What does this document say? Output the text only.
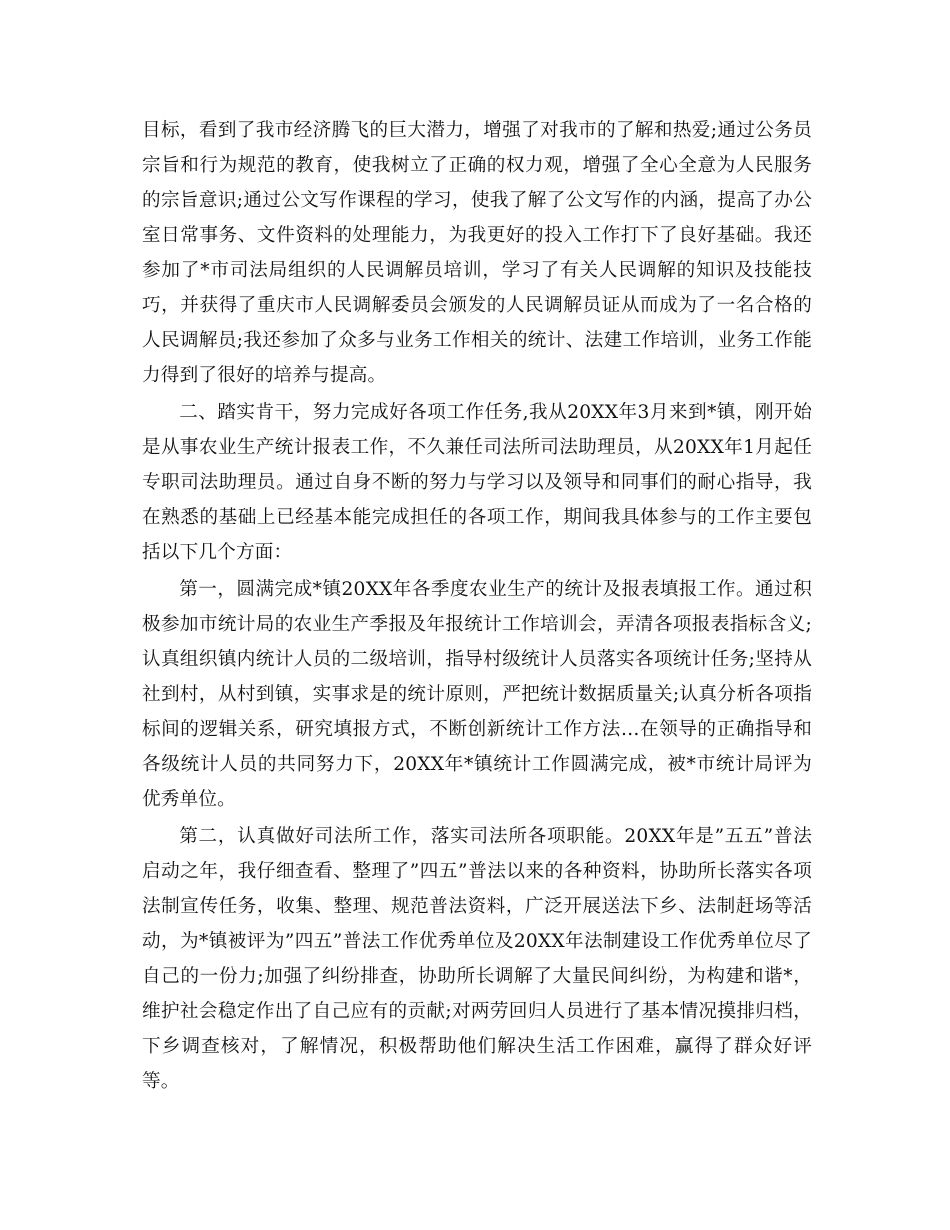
目标，看到了我市经济腾飞的巨大潜力，增强了对我市的了解和热爱;通过公务员宗旨和行为规范的教育，使我树立了正确的权力观，增强了全心全意为人民服务的宗旨意识;通过公文写作课程的学习，使我了解了公文写作的内涵，提高了办公室日常事务、文件资料的处理能力，为我更好的投入工作打下了良好基础。我还参加了*市司法局组织的人民调解员培训，学习了有关人民调解的知识及技能技巧，并获得了重庆市人民调解委员会颁发的人民调解员证从而成为了一名合格的人民调解员;我还参加了众多与业务工作相关的统计、法建工作培训，业务工作能力得到了很好的培养与提高。

二、踏实肯干，努力完成好各项工作任务,我从20XX年3月来到*镇，刚开始是从事农业生产统计报表工作，不久兼任司法所司法助理员，从20XX年1月起任专职司法助理员。通过自身不断的努力与学习以及领导和同事们的耐心指导，我在熟悉的基础上已经基本能完成担任的各项工作，期间我具体参与的工作主要包括以下几个方面：

第一，圆满完成*镇20XX年各季度农业生产的统计及报表填报工作。通过积极参加市统计局的农业生产季报及年报统计工作培训会，弄清各项报表指标含义;认真组织镇内统计人员的二级培训，指导村级统计人员落实各项统计任务;坚持从社到村，从村到镇，实事求是的统计原则，严把统计数据质量关;认真分析各项指标间的逻辑关系，研究填报方式，不断创新统计工作方法…在领导的正确指导和各级统计人员的共同努力下，20XX年*镇统计工作圆满完成，被*市统计局评为优秀单位。

第二，认真做好司法所工作，落实司法所各项职能。20XX年是”五五”普法启动之年，我仔细查看、整理了”四五”普法以来的各种资料，协助所长落实各项法制宣传任务，收集、整理、规范普法资料，广泛开展送法下乡、法制赶场等活动，为*镇被评为”四五”普法工作优秀单位及20XX年法制建设工作优秀单位尽了自己的一份力;加强了纠纷排查，协助所长调解了大量民间纠纷，为构建和谐*，维护社会稳定作出了自己应有的贡献;对两劳回归人员进行了基本情况摸排归档，下乡调查核对，了解情况，积极帮助他们解决生活工作困难，赢得了群众好评等。
